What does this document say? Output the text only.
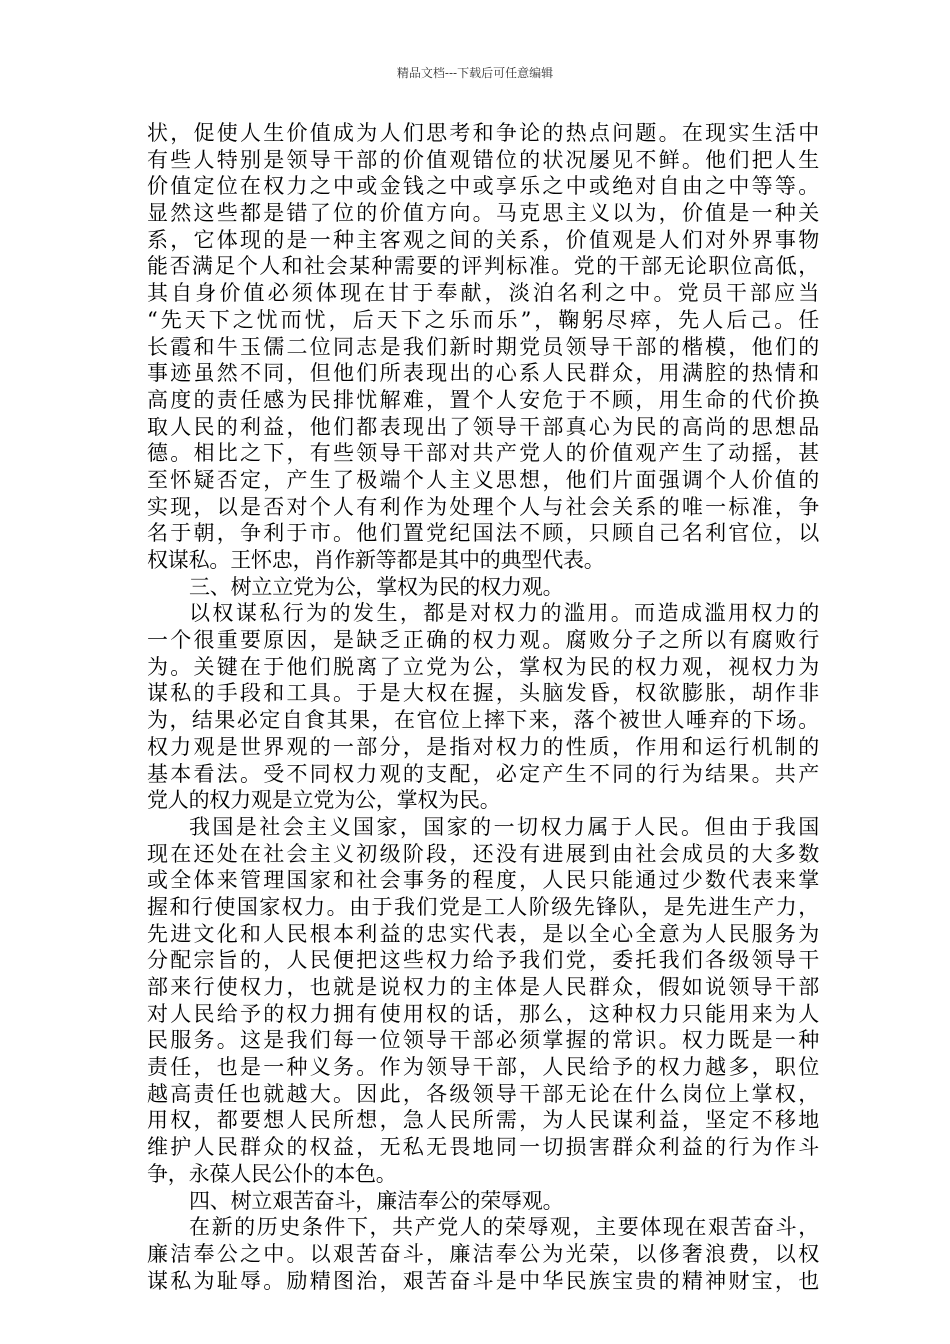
精品文档---下载后可任意编辑
状，促使人生价值成为人们思考和争论的热点问题。在现实生活中
有些人特别是领导干部的价值观错位的状况屡见不鲜。他们把人生
价值定位在权力之中或金钱之中或享乐之中或绝对自由之中等等。
显然这些都是错了位的价值方向。马克思主义以为，价值是一种关
系，它体现的是一种主客观之间的关系，价值观是人们对外界事物
能否满足个人和社会某种需要的评判标准。党的干部无论职位高低，
其自身价值必须体现在甘于奉献，淡泊名利之中。党员干部应当
“先天下之忧而忧，后天下之乐而乐”，鞠躬尽瘁，先人后己。任
长霞和牛玉儒二位同志是我们新时期党员领导干部的楷模，他们的
事迹虽然不同，但他们所表现出的心系人民群众，用满腔的热情和
高度的责任感为民排忧解难，置个人安危于不顾，用生命的代价换
取人民的利益，他们都表现出了领导干部真心为民的高尚的思想品
德。相比之下，有些领导干部对共产党人的价值观产生了动摇，甚
至怀疑否定，产生了极端个人主义思想，他们片面强调个人价值的
实现，以是否对个人有利作为处理个人与社会关系的唯一标准，争
名于朝，争利于市。他们置党纪国法不顾，只顾自己名利官位，以
权谋私。王怀忠，肖作新等都是其中的典型代表。
三、树立立党为公，掌权为民的权力观。
以权谋私行为的发生，都是对权力的滥用。而造成滥用权力的
一个很重要原因，是缺乏正确的权力观。腐败分子之所以有腐败行
为。关键在于他们脱离了立党为公，掌权为民的权力观，视权力为
谋私的手段和工具。于是大权在握，头脑发昏，权欲膨胀，胡作非
为，结果必定自食其果，在官位上摔下来，落个被世人唾弃的下场。
权力观是世界观的一部分，是指对权力的性质，作用和运行机制的
基本看法。受不同权力观的支配，必定产生不同的行为结果。共产
党人的权力观是立党为公，掌权为民。
我国是社会主义国家，国家的一切权力属于人民。但由于我国
现在还处在社会主义初级阶段，还没有进展到由社会成员的大多数
或全体来管理国家和社会事务的程度，人民只能通过少数代表来掌
握和行使国家权力。由于我们党是工人阶级先锋队，是先进生产力，
先进文化和人民根本利益的忠实代表，是以全心全意为人民服务为
分配宗旨的，人民便把这些权力给予我们党，委托我们各级领导干
部来行使权力，也就是说权力的主体是人民群众，假如说领导干部
对人民给予的权力拥有使用权的话，那么，这种权力只能用来为人
民服务。这是我们每一位领导干部必须掌握的常识。权力既是一种
责任，也是一种义务。作为领导干部，人民给予的权力越多，职位
越高责任也就越大。因此，各级领导干部无论在什么岗位上掌权，
用权，都要想人民所想，急人民所需，为人民谋利益，坚定不移地
维护人民群众的权益，无私无畏地同一切损害群众利益的行为作斗
争，永葆人民公仆的本色。
四、树立艰苦奋斗，廉洁奉公的荣辱观。
在新的历史条件下，共产党人的荣辱观，主要体现在艰苦奋斗，
廉洁奉公之中。以艰苦奋斗，廉洁奉公为光荣，以侈奢浪费，以权
谋私为耻辱。励精图治，艰苦奋斗是中华民族宝贵的精神财宝，也
